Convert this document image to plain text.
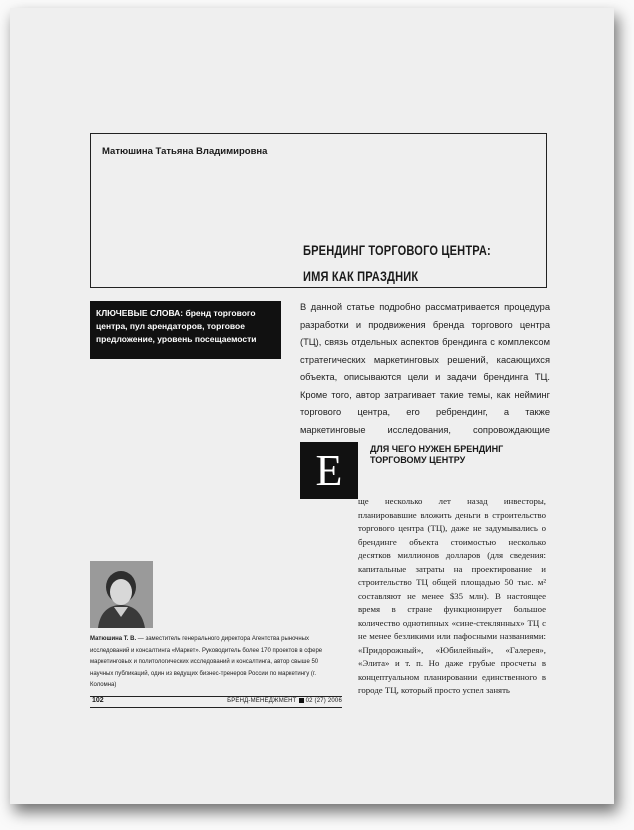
Матюшина Татьяна Владимировна
БРЕНДИНГ ТОРГОВОГО ЦЕНТРА:
ИМЯ КАК ПРАЗДНИК
КЛЮЧЕВЫЕ СЛОВА: бренд торгового центра, пул арендаторов, торговое предложение, уровень посещаемости
В данной статье подробно рассматривается процедура разработки и продвижения бренда торгового центра (ТЦ), связь отдельных аспектов брендинга с комплексом стратегических маркетинговых решений, касающихся объекта, описываются цели и задачи брендинга ТЦ. Кроме того, автор затрагивает такие темы, как нейминг торгового центра, его ребрендинг, а также маркетинговые исследования, сопровождающие
Е	ДЛЯ ЧЕГО НУЖЕН БРЕНДИНГ
ТОРГОВОМУ ЦЕНТРУ
ще несколько лет назад инвесторы, планировавшие вложить деньги в строительство торгового центра (ТЦ), даже не задумывались о брендинге объекта стоимостью несколько десятков миллионов долларов (для сведения: капитальные затраты на проектирование и строительство ТЦ общей площадью 50 тыс. м² составляют не менее $35 млн). В настоящее время в стране функционирует большое количество однотипных «сине-стеклянных» ТЦ с не менее безликими или пафосными названиями: «Придорожный», «Юбилейный», «Галерея», «Элита» и т. п. Но даже грубые просчеты в концептуальном планировании единственного в городе ТЦ, который просто успел занять
Матюшина Т. В. — заместитель генерального директора Агентства рыночных исследований и консалтинга «Маркет». Руководитель более 170 проектов в сфере маркетинговых и политологических исследований и консалтинга, автор свыше 50 научных публикаций, один из ведущих бизнес-тренеров России по маркетингу (г. Коломна)
102	БРЕНД-МЕНЕДЖМЕНТ 02 (27) 2006
